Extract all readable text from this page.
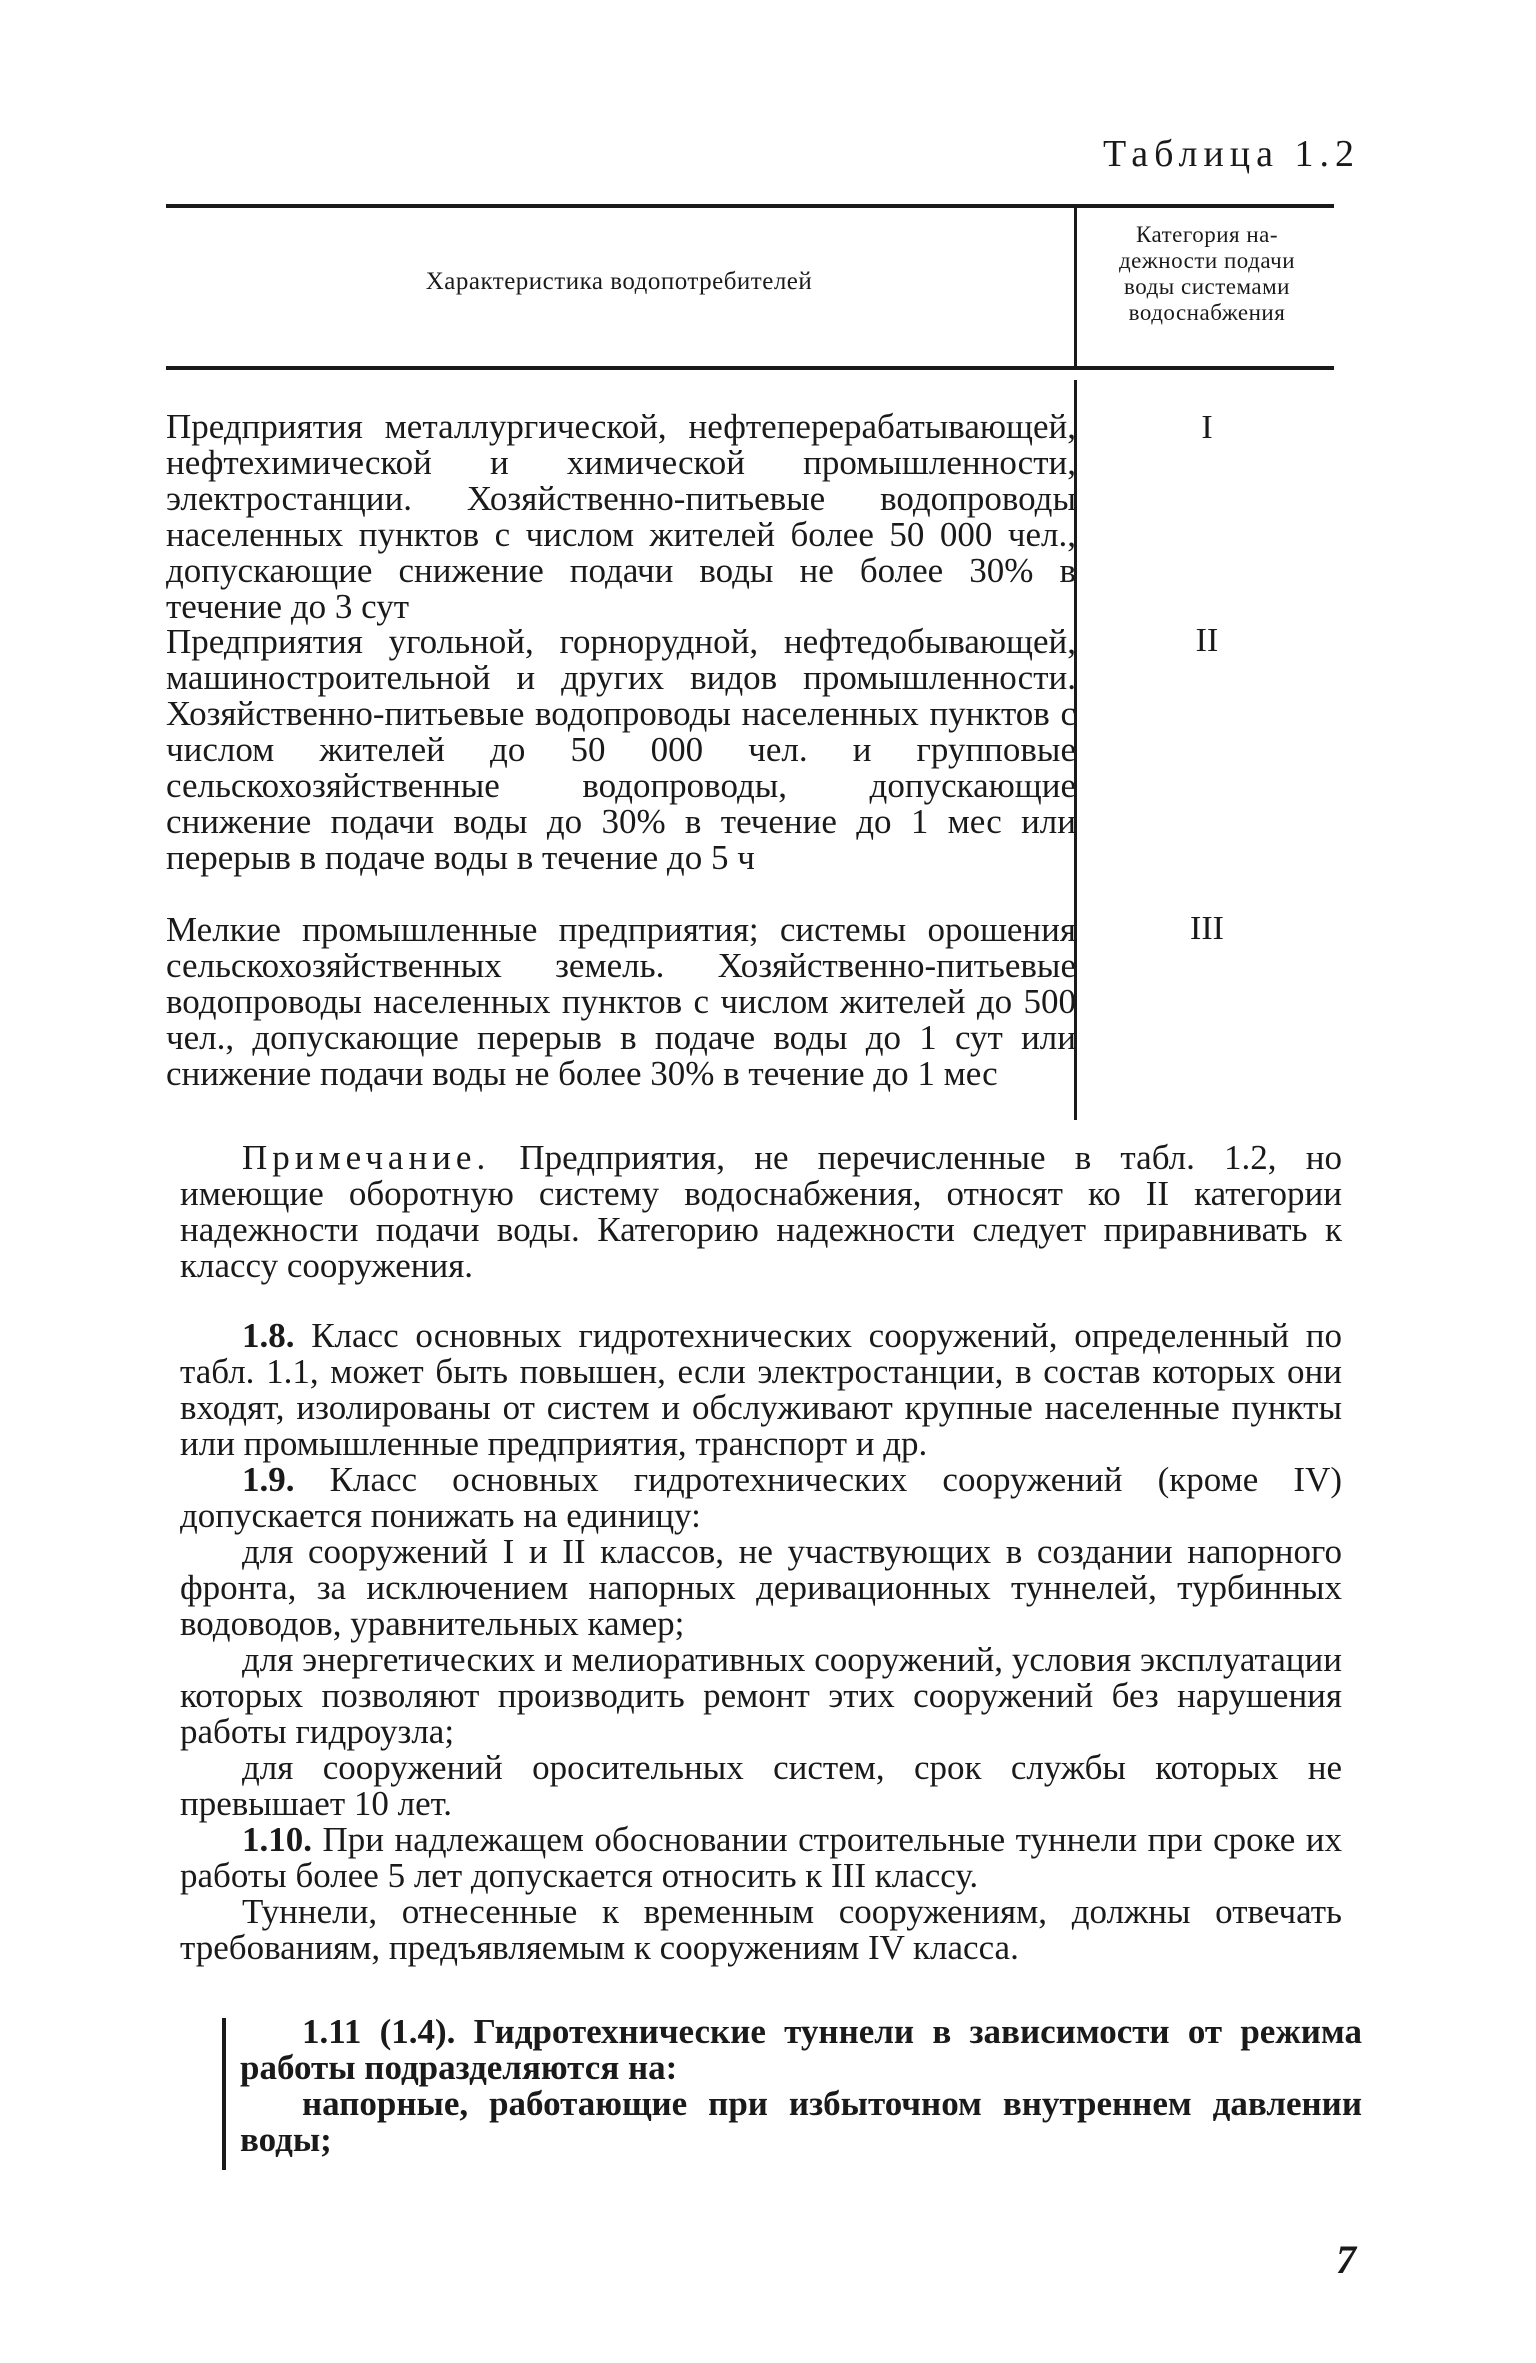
Таблица 1.2
Характеристика водопотребителей
Категория на-
дежности подачи
воды системами
водоснабжения
Предприятия металлургической, нефтеперерабатывающей, нефтехимической и химической промышленности, электростанции. Хозяйственно-питьевые водопроводы населенных пунктов с числом жителей более 50 000 чел., допускающие снижение подачи воды не более 30% в течение до 3 сут
I
Предприятия угольной, горнорудной, нефтедобывающей, машиностроительной и других видов промышленности. Хозяйственно-питьевые водопроводы населенных пунктов с числом жителей до 50 000 чел. и групповые сельскохозяйственные водопроводы, допускающие снижение подачи воды до 30% в течение до 1 мес или перерыв в подаче воды в течение до 5 ч
II
Мелкие промышленные предприятия; системы орошения сельскохозяйственных земель. Хозяйственно-питьевые водопроводы населенных пунктов с числом жителей до 500 чел., допускающие перерыв в подаче воды до 1 сут или снижение подачи воды не более 30% в течение до 1 мес
III
Примечание. Предприятия, не перечисленные в табл. 1.2, но имеющие оборотную систему водоснабжения, относят ко II категории надежности подачи воды. Категорию надежности следует приравнивать к классу сооружения.

1.8. Класс основных гидротехнических сооружений, определенный по табл. 1.1, может быть повышен, если электростанции, в состав которых они входят, изолированы от систем и обслуживают крупные населенные пункты или промышленные предприятия, транспорт и др.

1.9. Класс основных гидротехнических сооружений (кроме IV) допускается понижать на единицу:

для сооружений I и II классов, не участвующих в создании напорного фронта, за исключением напорных деривационных туннелей, турбинных водоводов, уравнительных камер;

для энергетических и мелиоративных сооружений, условия эксплуатации которых позволяют производить ремонт этих сооружений без нарушения работы гидроузла;

для сооружений оросительных систем, срок службы которых не превышает 10 лет.

1.10. При надлежащем обосновании строительные туннели при сроке их работы более 5 лет допускается относить к III классу.

Туннели, отнесенные к временным сооружениям, должны отвечать требованиям, предъявляемым к сооружениям IV класса.

1.11 (1.4). Гидротехнические туннели в зависимости от режима работы подразделяются на:

напорные, работающие при избыточном внутреннем давлении воды;

7
